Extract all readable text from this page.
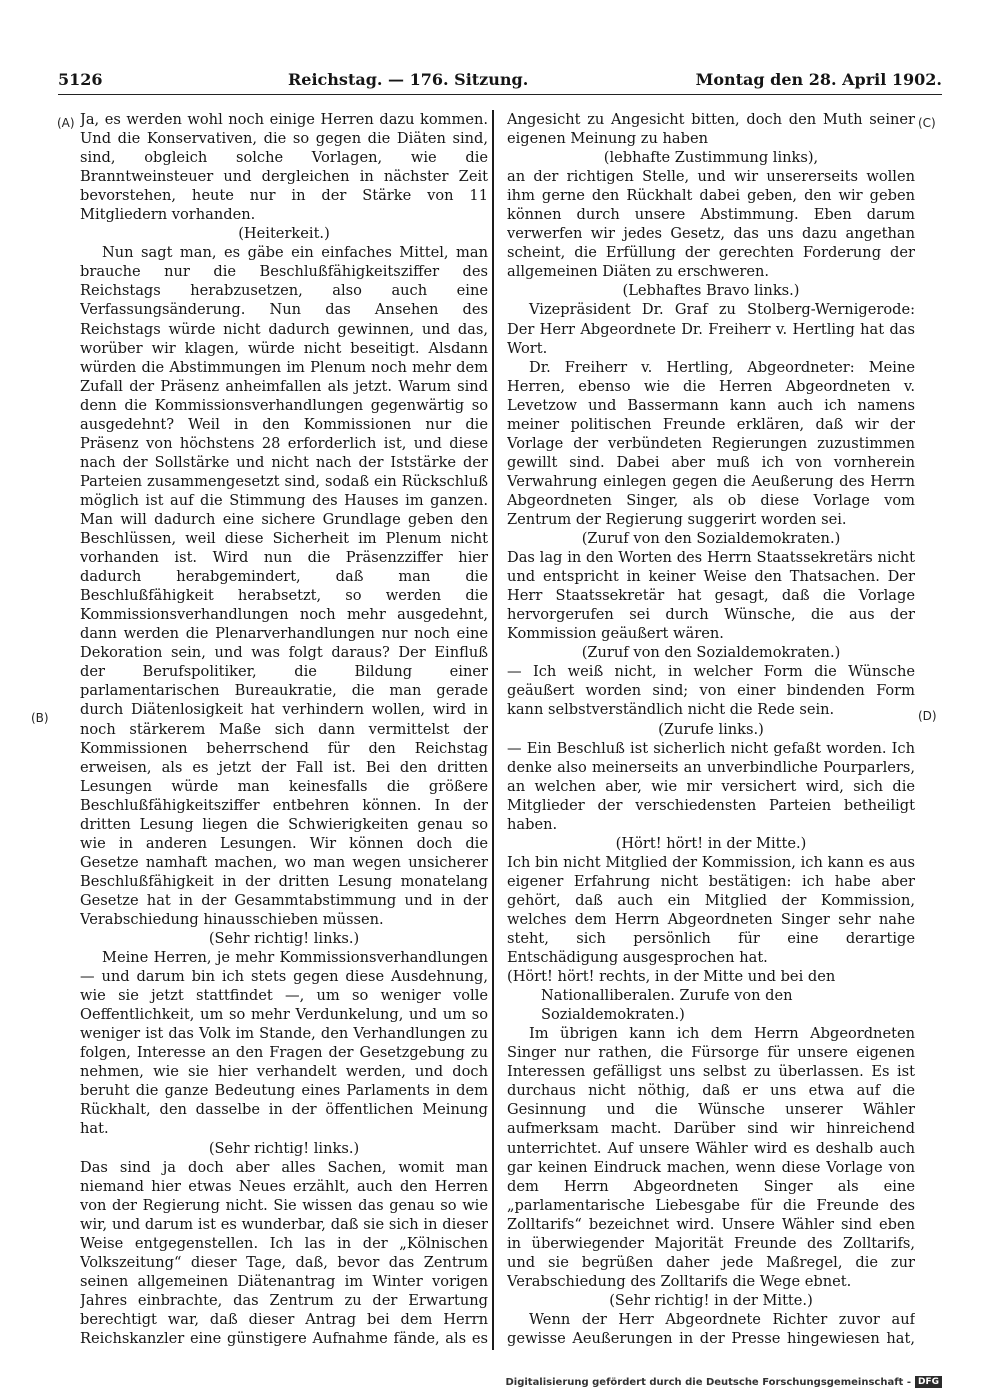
5126	Reichstag. — 176. Sitzung.	Montag den 28. April 1902.
(A)
(B)
(C)
(D)

Ja, es werden wohl noch einige Herren dazu kommen. Und die Konservativen, die so gegen die Diäten sind, sind, obgleich solche Vorlagen, wie die Branntweinsteuer und dergleichen in nächster Zeit bevorstehen, heute nur in der Stärke von 11 Mitgliedern vorhanden.

(Heiterkeit.)

Nun sagt man, es gäbe ein einfaches Mittel, man brauche nur die Beschlußfähigkeitsziffer des Reichstags herabzusetzen, also auch eine Verfassungsänderung. Nun das Ansehen des Reichstags würde nicht dadurch gewinnen, und das, worüber wir klagen, würde nicht beseitigt. Alsdann würden die Abstimmungen im Plenum noch mehr dem Zufall der Präsenz anheimfallen als jetzt. Warum sind denn die Kommissionsverhandlungen gegenwärtig so ausgedehnt? Weil in den Kommissionen nur die Präsenz von höchstens 28 erforderlich ist, und diese nach der Sollstärke und nicht nach der Iststärke der Parteien zusammengesetzt sind, sodaß ein Rückschluß möglich ist auf die Stimmung des Hauses im ganzen. Man will dadurch eine sichere Grundlage geben den Beschlüssen, weil diese Sicherheit im Plenum nicht vorhanden ist. Wird nun die Präsenzziffer hier dadurch herabgemindert, daß man die Beschlußfähigkeit herabsetzt, so werden die Kommissionsverhandlungen noch mehr ausgedehnt, dann werden die Plenarverhandlungen nur noch eine Dekoration sein, und was folgt daraus? Der Einfluß der Berufspolitiker, die Bildung einer parlamentarischen Bureaukratie, die man gerade durch Diätenlosigkeit hat verhindern wollen, wird in noch stärkerem Maße sich dann vermittelst der Kommissionen beherrschend für den Reichstag erweisen, als es jetzt der Fall ist. Bei den dritten Lesungen würde man keinesfalls die größere Beschlußfähigkeitsziffer entbehren können. In der dritten Lesung liegen die Schwierigkeiten genau so wie in anderen Lesungen. Wir können doch die Gesetze namhaft machen, wo man wegen unsicherer Beschlußfähigkeit in der dritten Lesung monatelang Gesetze hat in der Gesammtabstimmung und in der Verabschiedung hinausschieben müssen.

(Sehr richtig! links.)

Meine Herren, je mehr Kommissionsverhandlungen — und darum bin ich stets gegen diese Ausdehnung, wie sie jetzt stattfindet —, um so weniger volle Oeffentlichkeit, um so mehr Verdunkelung, und um so weniger ist das Volk im Stande, den Verhandlungen zu folgen, Interesse an den Fragen der Gesetzgebung zu nehmen, wie sie hier verhandelt werden, und doch beruht die ganze Bedeutung eines Parlaments in dem Rückhalt, den dasselbe in der öffentlichen Meinung hat.

(Sehr richtig! links.)

Das sind ja doch aber alles Sachen, womit man niemand hier etwas Neues erzählt, auch den Herren von der Regierung nicht. Sie wissen das genau so wie wir, und darum ist es wunderbar, daß sie sich in dieser Weise entgegenstellen. Ich las in der „Kölnischen Volkszeitung“ dieser Tage, daß, bevor das Zentrum seinen allgemeinen Diätenantrag im Winter vorigen Jahres einbrachte, das Zentrum zu der Erwartung berechtigt war, daß dieser Antrag bei dem Herrn Reichskanzler eine günstigere Aufnahme fände, als es

Angesicht zu Angesicht bitten, doch den Muth seiner eigenen Meinung zu haben

(lebhafte Zustimmung links),

an der richtigen Stelle, und wir unsererseits wollen ihm gerne den Rückhalt dabei geben, den wir geben können durch unsere Abstimmung. Eben darum verwerfen wir jedes Gesetz, das uns dazu angethan scheint, die Erfüllung der gerechten Forderung der allgemeinen Diäten zu erschweren.

(Lebhaftes Bravo links.)

Vizepräsident Dr. Graf zu Stolberg-Wernigerode: Der Herr Abgeordnete Dr. Freiherr v. Hertling hat das Wort.

Dr. Freiherr v. Hertling, Abgeordneter: Meine Herren, ebenso wie die Herren Abgeordneten v. Levetzow und Bassermann kann auch ich namens meiner politischen Freunde erklären, daß wir der Vorlage der verbündeten Regierungen zuzustimmen gewillt sind. Dabei aber muß ich von vornherein Verwahrung einlegen gegen die Aeußerung des Herrn Abgeordneten Singer, als ob diese Vorlage vom Zentrum der Regierung suggerirt worden sei.

(Zuruf von den Sozialdemokraten.)

Das lag in den Worten des Herrn Staatssekretärs nicht und entspricht in keiner Weise den Thatsachen. Der Herr Staatssekretär hat gesagt, daß die Vorlage hervorgerufen sei durch Wünsche, die aus der Kommission geäußert wären.

(Zuruf von den Sozialdemokraten.)

— Ich weiß nicht, in welcher Form die Wünsche geäußert worden sind; von einer bindenden Form kann selbstverständlich nicht die Rede sein.

(Zurufe links.)

— Ein Beschluß ist sicherlich nicht gefaßt worden. Ich denke also meinerseits an unverbindliche Pourparlers, an welchen aber, wie mir versichert wird, sich die Mitglieder der verschiedensten Parteien betheiligt haben.

(Hört! hört! in der Mitte.)

Ich bin nicht Mitglied der Kommission, ich kann es aus eigener Erfahrung nicht bestätigen: ich habe aber gehört, daß auch ein Mitglied der Kommission, welches dem Herrn Abgeordneten Singer sehr nahe steht, sich persönlich für eine derartige Entschädigung ausgesprochen hat.

(Hört! hört! rechts, in der Mitte und bei den Nationalliberalen. Zurufe von den Sozialdemokraten.)

Im übrigen kann ich dem Herrn Abgeordneten Singer nur rathen, die Fürsorge für unsere eigenen Interessen gefälligst uns selbst zu überlassen. Es ist durchaus nicht nöthig, daß er uns etwa auf die Gesinnung und die Wünsche unserer Wähler aufmerksam macht. Darüber sind wir hinreichend unterrichtet. Auf unsere Wähler wird es deshalb auch gar keinen Eindruck machen, wenn diese Vorlage von dem Herrn Abgeordneten Singer als eine „parlamentarische Liebesgabe für die Freunde des Zolltarifs“ bezeichnet wird. Unsere Wähler sind eben in überwiegender Majorität Freunde des Zolltarifs, und sie begrüßen daher jede Maßregel, die zur Verabschiedung des Zolltarifs die Wege ebnet.

(Sehr richtig! in der Mitte.)

Wenn der Herr Abgeordnete Richter zuvor auf gewisse Aeußerungen in der Presse hingewiesen hat,

Digitalisierung gefördert durch die Deutsche Forschungsgemeinschaft - DFG
